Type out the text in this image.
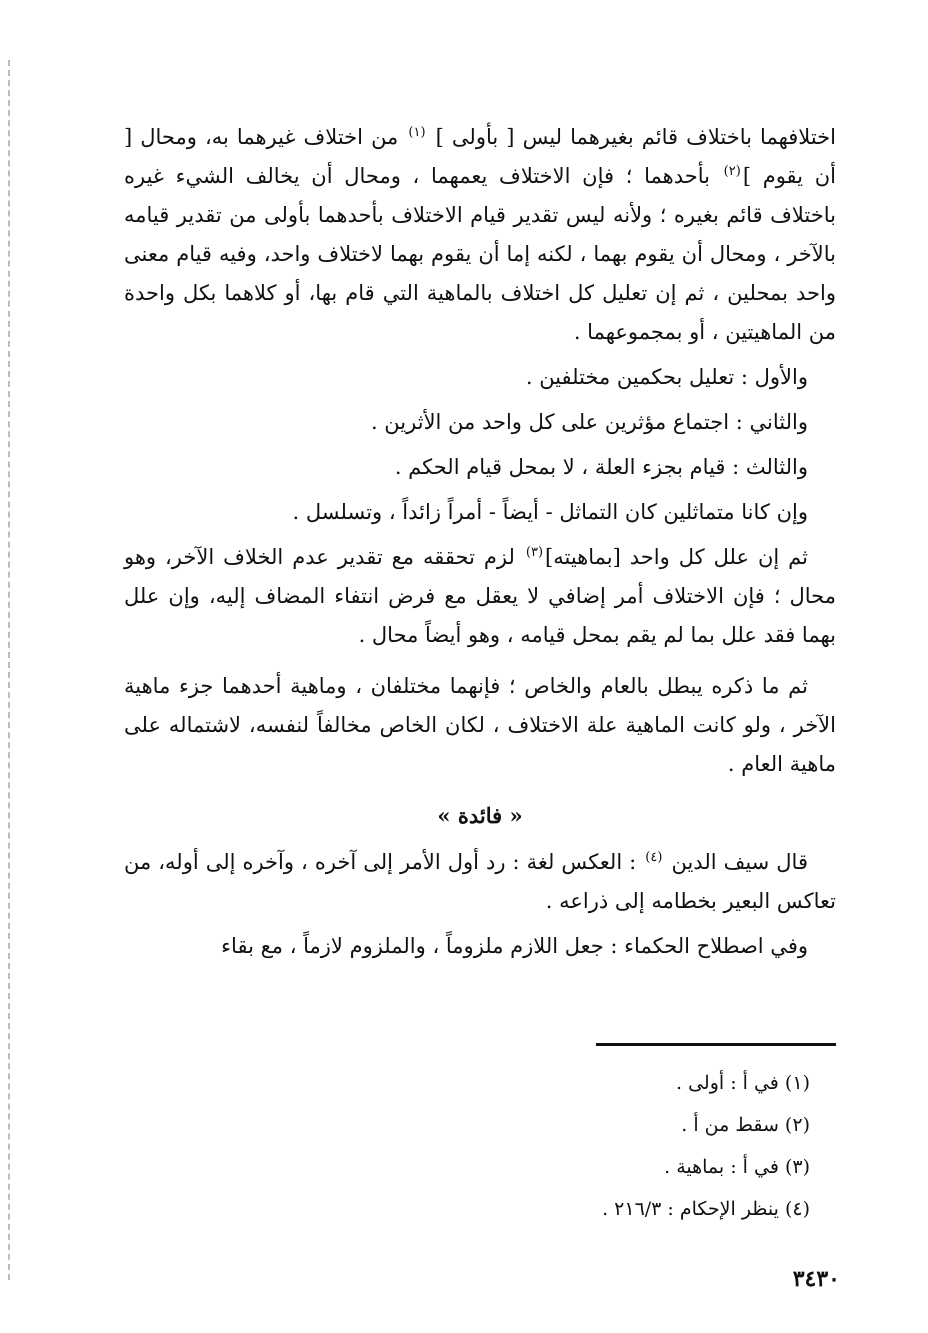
اختلافهما باختلاف قائم بغيرهما ليس [ بأولى ] $^{(١)}$ من اختلاف غيرهما به، ومحال [ أن يقوم ]$^{(٢)}$ بأحدهما ؛ فإن الاختلاف يعمهما ، ومحال أن يخالف الشيء غيره باختلاف قائم بغيره ؛ ولأنه ليس تقدير قيام الاختلاف بأحدهما بأولى من تقدير قيامه بالآخر ، ومحال أن يقوم بهما ، لكنه إما أن يقوم بهما لاختلاف واحد، وفيه قيام معنى واحد بمحلين ، ثم إن تعليل كل اختلاف بالماهية التي قام بها، أو كلاهما بكل واحدة من الماهيتين ، أو بمجموعهما .

والأول : تعليل بحكمين مختلفين .

والثاني : اجتماع مؤثرين على كل واحد من الأثرين .

والثالث : قيام بجزء العلة ، لا بمحل قيام الحكم .

وإن كانا متماثلين كان التماثل - أيضاً - أمراً زائداً ، وتسلسل .

ثم إن علل كل واحد [بماهيته]$^{(٣)}$ لزم تحققه مع تقدير عدم الخلاف الآخر، وهو محال ؛ فإن الاختلاف أمر إضافي لا يعقل مع فرض انتفاء المضاف إليه، وإن علل بهما فقد علل بما لم يقم بمحل قيامه ، وهو أيضاً محال .

ثم ما ذكره يبطل بالعام والخاص ؛ فإنهما مختلفان ، وماهية أحدهما جزء ماهية الآخر ، ولو كانت الماهية علة الاختلاف ، لكان الخاص مخالفاً لنفسه، لاشتماله على ماهية العام .

« فائدة »

قال سيف الدين $^{(٤)}$ : العكس لغة : رد أول الأمر إلى آخره ، وآخره إلى أوله، من تعاكس البعير بخطامه إلى ذراعه .

وفي اصطلاح الحكماء : جعل اللازم ملزوماً ، والملزوم لازماً ، مع بقاء

(١) في أ : أولى .

(٢) سقط من أ .

(٣) في أ : بماهية .

(٤) ينظر الإحكام : ٢١٦/٣ .

٣٤٣٠
